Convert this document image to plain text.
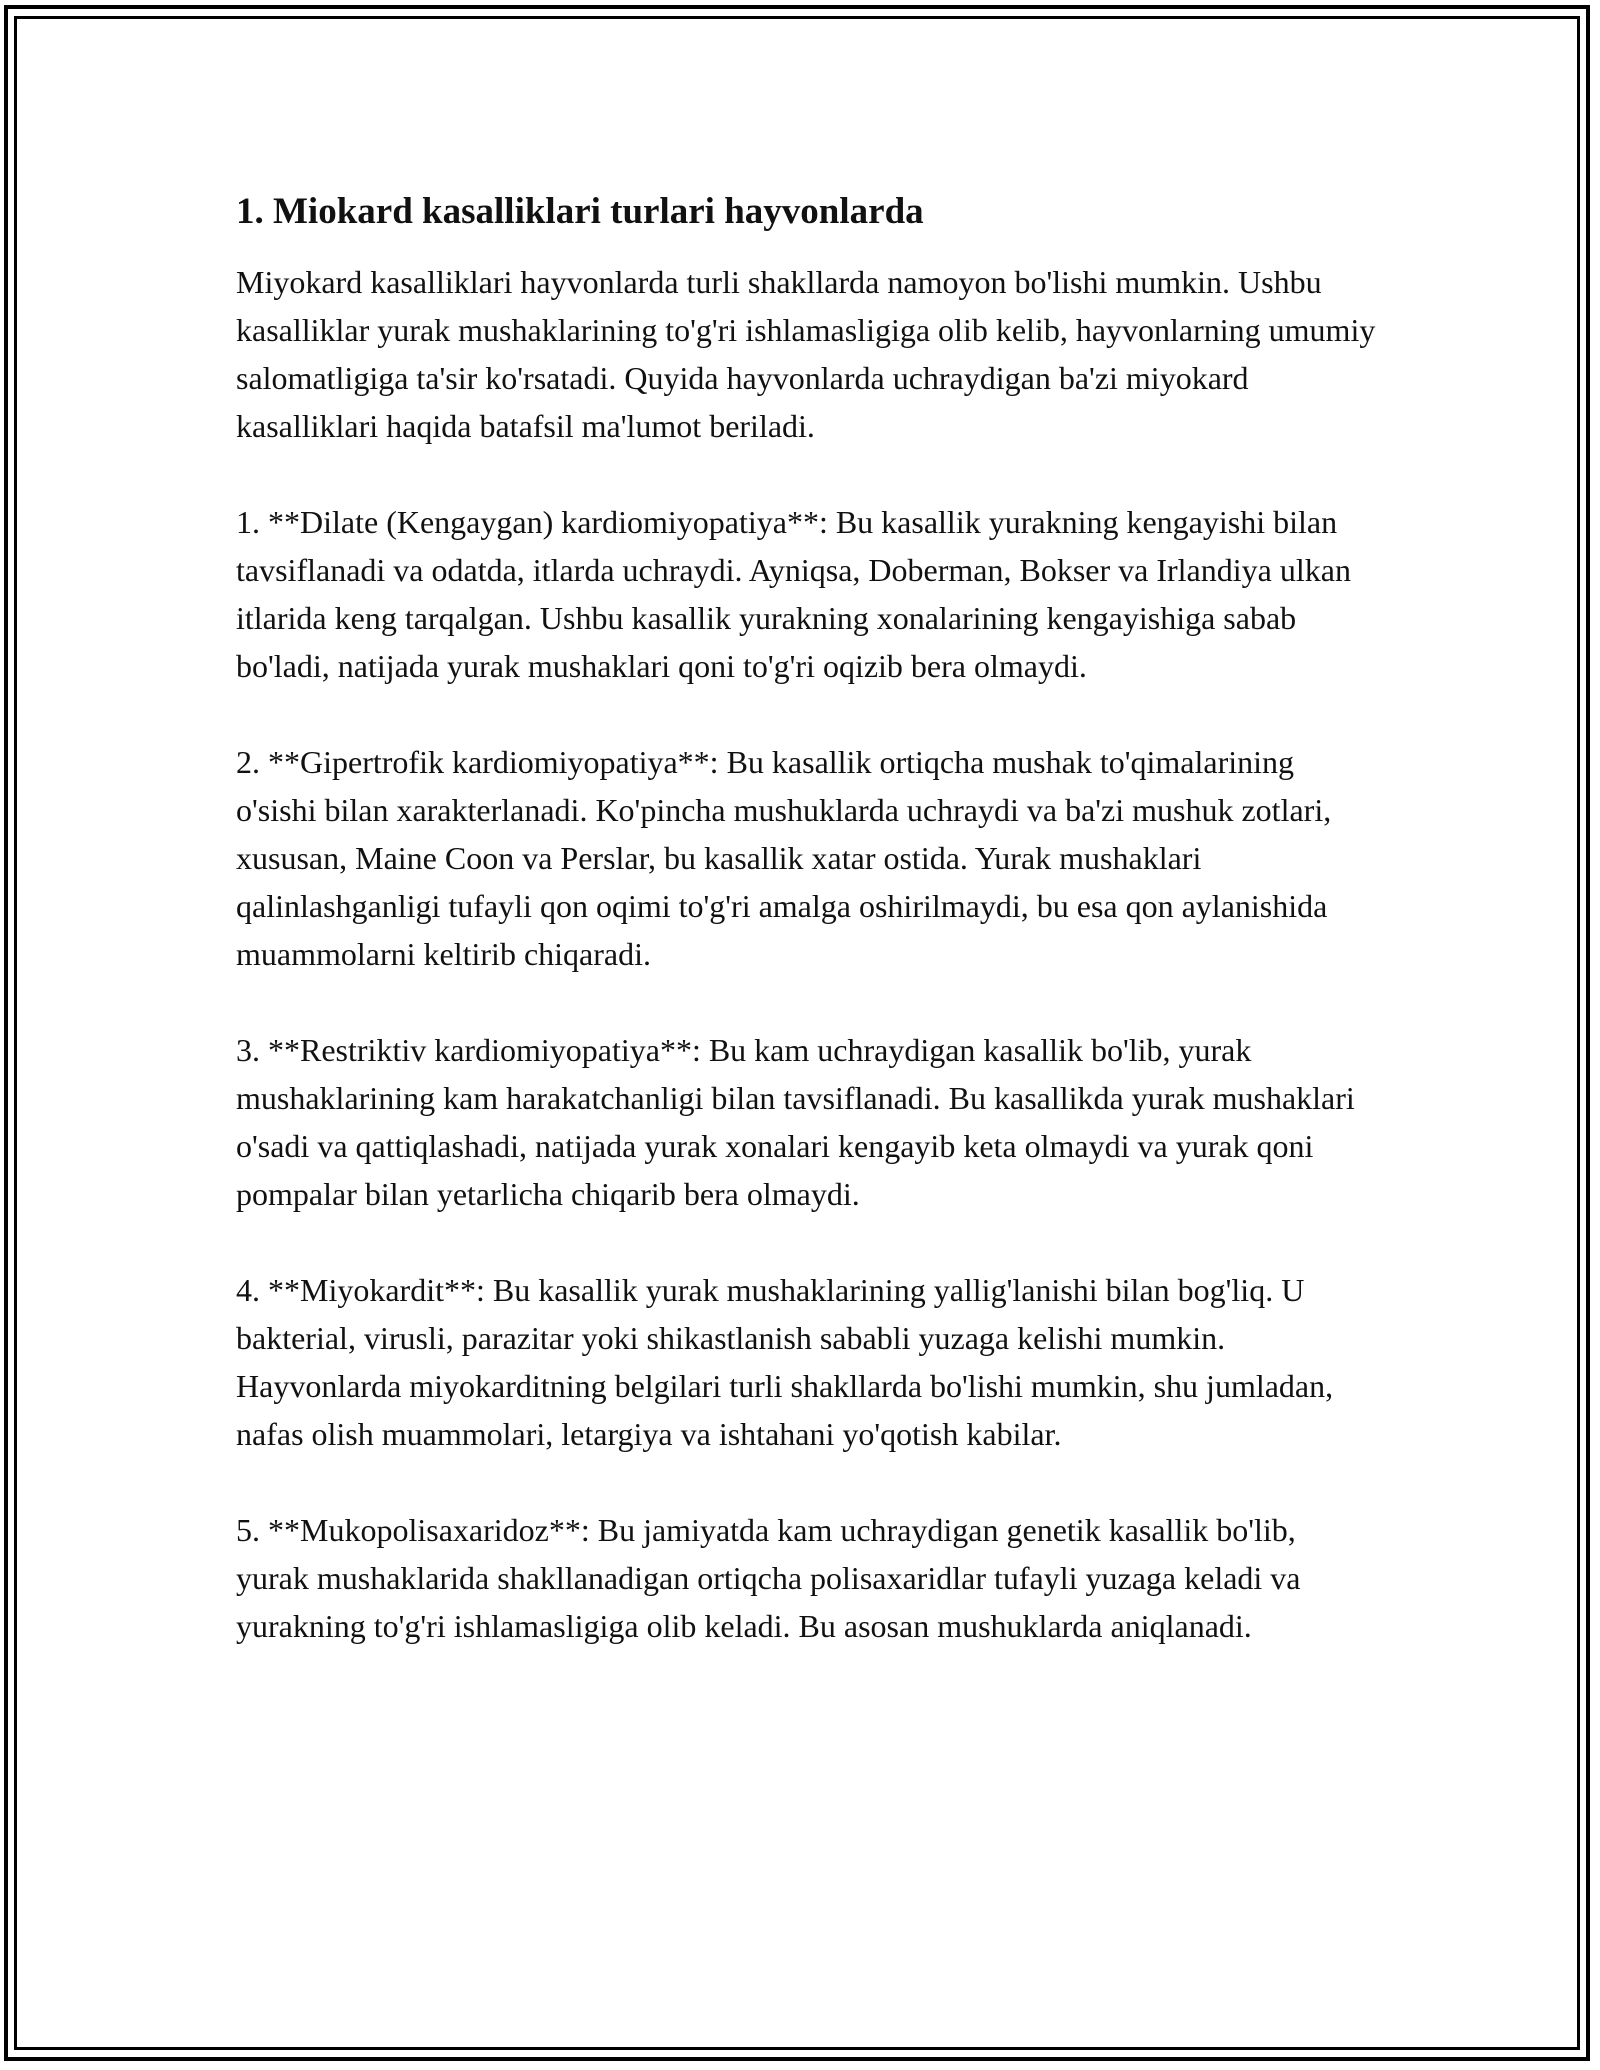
1. Miokard kasalliklari turlari hayvonlarda

Miyokard kasalliklari hayvonlarda turli shakllarda namoyon bo'lishi mumkin. Ushbu kasalliklar yurak mushaklarining to'g'ri ishlamasligiga olib kelib, hayvonlarning umumiy salomatligiga ta'sir ko'rsatadi. Quyida hayvonlarda uchraydigan ba'zi miyokard kasalliklari haqida batafsil ma'lumot beriladi.

1. **Dilate (Kengaygan) kardiomiyopatiya**: Bu kasallik yurakning kengayishi bilan tavsiflanadi va odatda, itlarda uchraydi. Ayniqsa, Doberman, Bokser va Irlandiya ulkan itlarida keng tarqalgan. Ushbu kasallik yurakning xonalarining kengayishiga sabab bo'ladi, natijada yurak mushaklari qoni to'g'ri oqizib bera olmaydi.

2. **Gipertrofik kardiomiyopatiya**: Bu kasallik ortiqcha mushak to'qimalarining o'sishi bilan xarakterlanadi. Ko'pincha mushuklarda uchraydi va ba'zi mushuk zotlari, xususan, Maine Coon va Perslar, bu kasallik xatar ostida. Yurak mushaklari qalinlashganligi tufayli qon oqimi to'g'ri amalga oshirilmaydi, bu esa qon aylanishida muammolarni keltirib chiqaradi.

3. **Restriktiv kardiomiyopatiya**: Bu kam uchraydigan kasallik bo'lib, yurak mushaklarining kam harakatchanligi bilan tavsiflanadi. Bu kasallikda yurak mushaklari o'sadi va qattiqlashadi, natijada yurak xonalari kengayib keta olmaydi va yurak qoni pompalar bilan yetarlicha chiqarib bera olmaydi.

4. **Miyokardit**: Bu kasallik yurak mushaklarining yallig'lanishi bilan bog'liq. U bakterial, virusli, parazitar yoki shikastlanish sababli yuzaga kelishi mumkin. Hayvonlarda miyokarditning belgilari turli shakllarda bo'lishi mumkin, shu jumladan, nafas olish muammolari, letargiya va ishtahani yo'qotish kabilar.

5. **Mukopolisaxaridoz**: Bu jamiyatda kam uchraydigan genetik kasallik bo'lib, yurak mushaklarida shakllanadigan ortiqcha polisaxaridlar tufayli yuzaga keladi va yurakning to'g'ri ishlamasligiga olib keladi. Bu asosan mushuklarda aniqlanadi.
